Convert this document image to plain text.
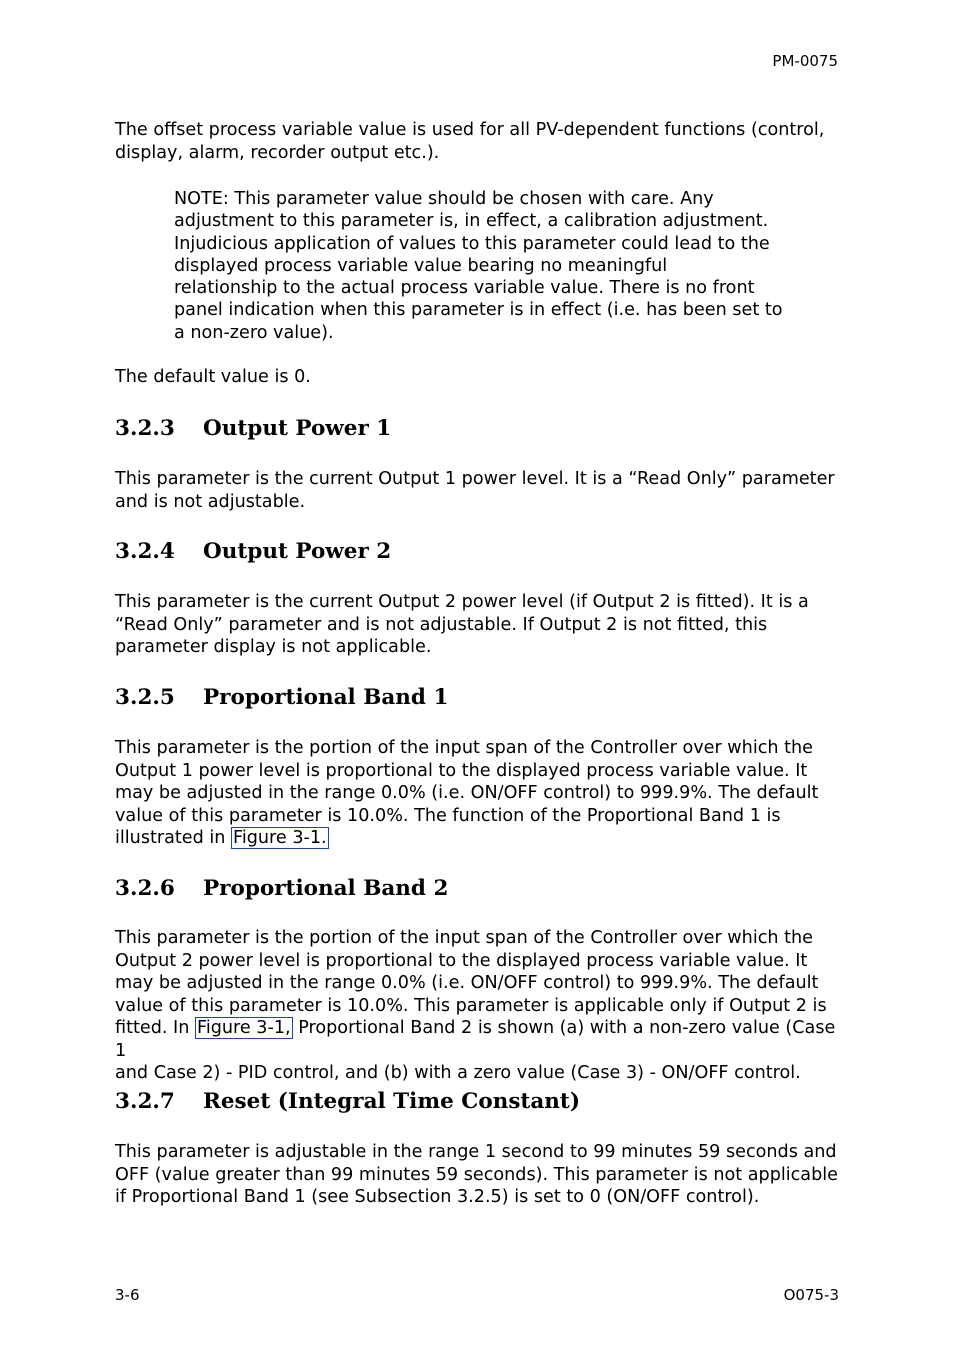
PM-0075

The offset process variable value is used for all PV-dependent functions (control, display, alarm, recorder output etc.).

NOTE: This parameter value should be chosen with care. Any
adjustment to this parameter is, in effect, a calibration adjustment.
Injudicious application of values to this parameter could lead to the
displayed process variable value bearing no meaningful
relationship to the actual process variable value. There is no front
panel indication when this parameter is in effect (i.e. has been set to
a non-zero value).

The default value is 0.

3.2.3 Output Power 1

This parameter is the current Output 1 power level. It is a “Read Only” parameter and is not adjustable.

3.2.4 Output Power 2
This parameter is the current Output 2 power level (if Output 2 is fitted). It is a
“Read Only” parameter and is not adjustable. If Output 2 is not fitted, this
parameter display is not applicable.
3.2.5 Proportional Band 1
This parameter is the portion of the input span of the Controller over which the
Output 1 power level is proportional to the displayed process variable value. It
may be adjusted in the range 0.0% (i.e. ON/OFF control) to 999.9%. The default
value of this parameter is 10.0%. The function of the Proportional Band 1 is
illustrated in Figure 3-1.
3.2.6 Proportional Band 2
This parameter is the portion of the input span of the Controller over which the
Output 2 power level is proportional to the displayed process variable value. It
may be adjusted in the range 0.0% (i.e. ON/OFF control) to 999.9%. The default
value of this parameter is 10.0%. This parameter is applicable only if Output 2 is
fitted. In Figure 3-1, Proportional Band 2 is shown (a) with a non-zero value (Case 1
and Case 2) - PID control, and (b) with a zero value (Case 3) - ON/OFF control.
3.2.7 Reset (Integral Time Constant)
This parameter is adjustable in the range 1 second to 99 minutes 59 seconds and
OFF (value greater than 99 minutes 59 seconds). This parameter is not applicable
if Proportional Band 1 (see Subsection 3.2.5) is set to 0 (ON/OFF control).
3-6	O075-3
